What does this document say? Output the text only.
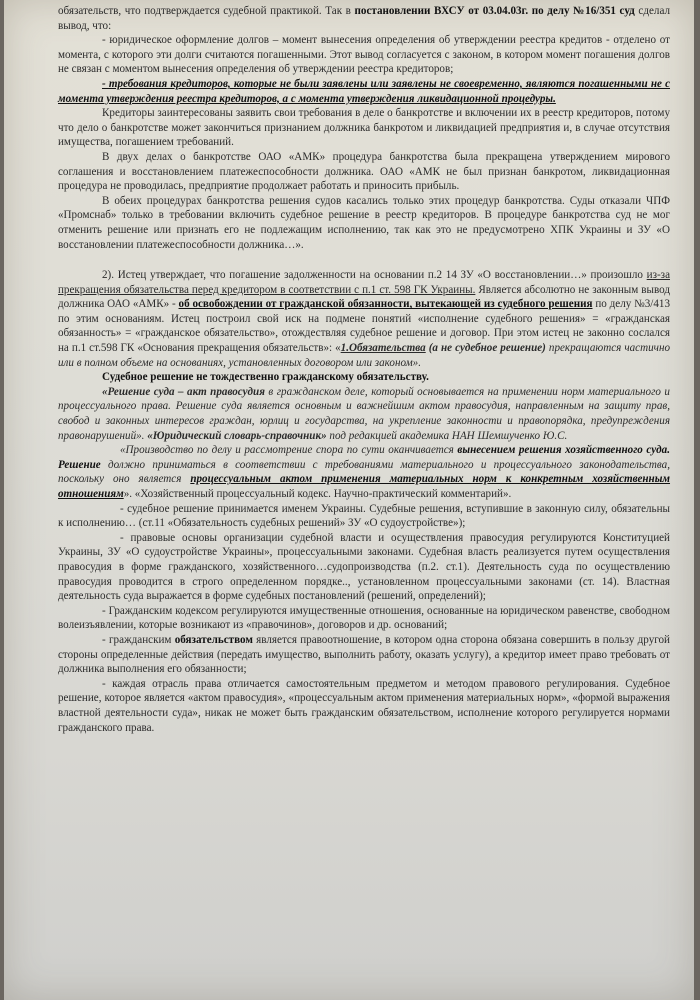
обязательств, что подтверждается судебной практикой. Так в постановлении ВХСУ от 03.04.03г. по делу №16/351 суд сделал вывод, что:

- юридическое оформление долгов – момент вынесения определения об утверждении реестра кредитов - отделено от момента, с которого эти долги считаются погашенными. Этот вывод согласуется с законом, в котором момент погашения долгов не связан с моментом вынесения определения об утверждении реестра кредиторов;

- требования кредиторов, которые не были заявлены или заявлены не своевременно, являются погашенными не с момента утверждения реестра кредиторов, а с момента утверждения ликвидационной процедуры.

Кредиторы заинтересованы заявить свои требования в деле о банкротстве и включении их в реестр кредиторов, потому что дело о банкротстве может закончиться признанием должника банкротом и ликвидацией предприятия и, в случае отсутствия имущества, погашением требований.

В двух делах о банкротстве ОАО «АМК» процедура банкротства была прекращена утверждением мирового соглашения и восстановлением платежеспособности должника. ОАО «АМК не был признан банкротом, ликвидационная процедура не проводилась, предприятие продолжает работать и приносить прибыль.

В обеих процедурах банкротства решения судов касались только этих процедур банкротства. Суды отказали ЧПФ «Промснаб» только в требовании включить судебное решение в реестр кредиторов. В процедуре банкротства суд не мог отменить решение или признать его не подлежащим исполнению, так как это не предусмотрено ХПК Украины и ЗУ «О восстановлении платежеспособности должника…».

2). Истец утверждает, что погашение задолженности на основании п.2 14 ЗУ «О восстановлении…» произошло из-за прекращения обязательства перед кредитором в соответствии с п.1 ст. 598 ГК Украины. Является абсолютно не законным вывод должника ОАО «АМК» - об освобождении от гражданской обязанности, вытекающей из судебного решения по делу №3/413 по этим основаниям. Истец построил свой иск на подмене понятий «исполнение судебного решения» = «гражданская обязанность» = «гражданское обязательство», отождествляя судебное решение и договор. При этом истец не законно сослался на п.1 ст.598 ГК «Основания прекращения обязательств»: «1.Обязательства (а не судебное решение) прекращаются частично или в полном объеме на основаниях, установленных договором или законом».

Судебное решение не тождественно гражданскому обязательству.

«Решение суда – акт правосудия в гражданском деле, который основывается на применении норм материального и процессуального права. Решение суда является основным и важнейшим актом правосудия, направленным на защиту прав, свобод и законных интересов граждан, юрлиц и государства, на укрепление законности и правопорядка, предупреждения правонарушений». «Юридический словарь-справочник» под редакцией академика НАН Шемшученко Ю.С.

«Производство по делу и рассмотрение спора по сути оканчивается вынесением решения хозяйственного суда. Решение должно приниматься в соответствии с требованиями материального и процессуального законодательства, поскольку оно является процессуальным актом применения материальных норм к конкретным хозяйственным отношениям». «Хозяйственный процессуальный кодекс. Научно-практический комментарий».

- судебное решение принимается именем Украины. Судебные решения, вступившие в законную силу, обязательны к исполнению… (ст.11 «Обязательность судебных решений» ЗУ «О судоустройстве»);

- правовые основы организации судебной власти и осуществления правосудия регулируются Конституцией Украины, ЗУ «О судоустройстве Украины», процессуальными законами. Судебная власть реализуется путем осуществления правосудия в форме гражданского, хозяйственного…судопроизводства (п.2. ст.1). Деятельность суда по осуществлению правосудия проводится в строго определенном порядке.., установленном процессуальными законами (ст. 14). Властная деятельность суда выражается в форме судебных постановлений (решений, определений);

- Гражданским кодексом регулируются имущественные отношения, основанные на юридическом равенстве, свободном волеизъявлении, которые возникают из «правочинов», договоров и др. оснований;

- гражданским обязательством является правоотношение, в котором одна сторона обязана совершить в пользу другой стороны определенные действия (передать имущество, выполнить работу, оказать услугу), а кредитор имеет право требовать от должника выполнения его обязанности;

- каждая отрасль права отличается самостоятельным предметом и методом правового регулирования. Судебное решение, которое является «актом правосудия», «процессуальным актом применения материальных норм», «формой выражения властной деятельности суда», никак не может быть гражданским обязательством, исполнение которого регулируется нормами гражданского права.
